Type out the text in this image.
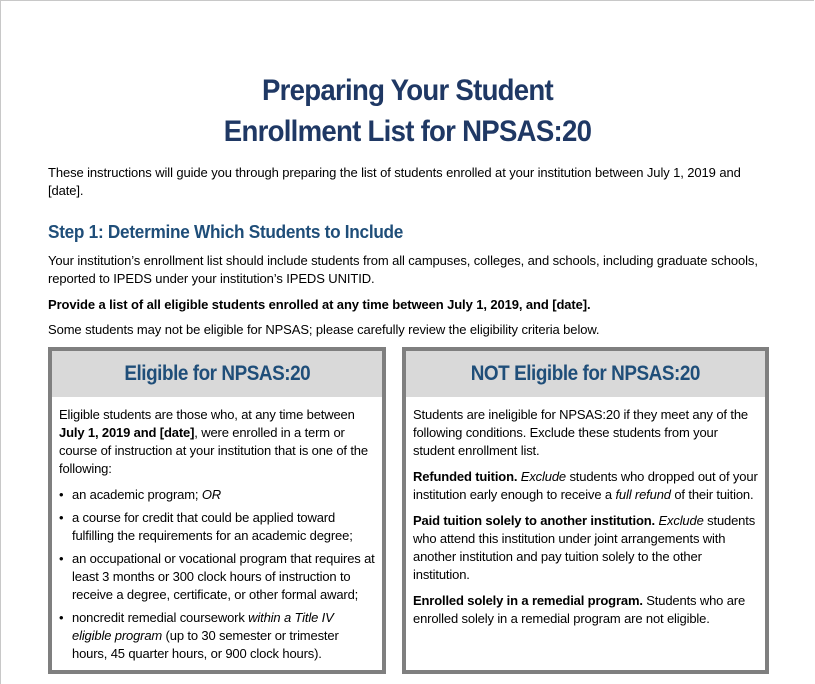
Preparing Your Student
Enrollment List for NPSAS:20
These instructions will guide you through preparing the list of students enrolled at your institution between July 1, 2019 and [date].
Step 1: Determine Which Students to Include
Your institution’s enrollment list should include students from all campuses, colleges, and schools, including graduate schools, reported to IPEDS under your institution’s IPEDS UNITID.
Provide a list of all eligible students enrolled at any time between July 1, 2019, and [date].
Some students may not be eligible for NPSAS; please carefully review the eligibility criteria below.
Eligible for NPSAS:20

Eligible students are those who, at any time between July 1, 2019 and [date], were enrolled in a term or course of instruction at your institution that is one of the following:

• an academic program; OR
• a course for credit that could be applied toward fulfilling the requirements for an academic degree;
• an occupational or vocational program that requires at least 3 months or 300 clock hours of instruction to receive a degree, certificate, or other formal award;
• noncredit remedial coursework within a Title IV eligible program (up to 30 semester or trimester hours, 45 quarter hours, or 900 clock hours).
NOT Eligible for NPSAS:20

Students are ineligible for NPSAS:20 if they meet any of the following conditions. Exclude these students from your student enrollment list.

Refunded tuition. Exclude students who dropped out of your institution early enough to receive a full refund of their tuition.

Paid tuition solely to another institution. Exclude students who attend this institution under joint arrangements with another institution and pay tuition solely to the other institution.

Enrolled solely in a remedial program. Students who are enrolled solely in a remedial program are not eligible.
